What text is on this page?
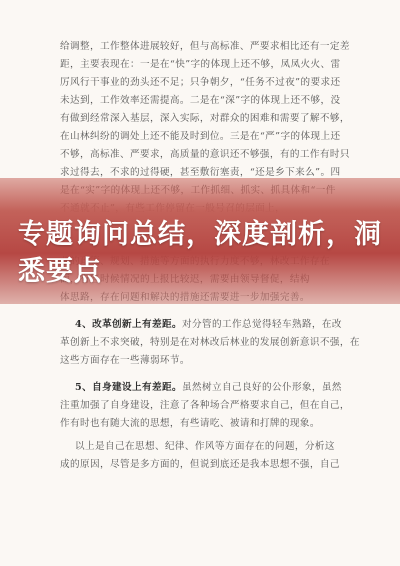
给调整，工作整体进展较好，但与高标准、严要求相比还有一定差
距，主要表现在：一是在“快”字的体现上还不够，凤凤火火、雷
厉风行干事业的劲头还不足；只争朝夕，“任务不过夜”的要求还
未达到，工作效率还需提高。二是在“深”字的体现上还不够，没
有做到经常深入基层，深入实际，对群众的困难和需要了解不够，
在山林纠纷的调处上还不能及时到位。三是在“严”字的体现上还
不够，高标准、严要求，高质量的意识还不够强，有的工作有时只
求过得去，不求的过得硬，甚至敷衍塞责，“还是乡下来么”。四
4、改革创新上有差距。对分管的工作总觉得轻车熟路，在改
革创新上不求突破，特别是在对林改后林业的发展创新意识不强，在
这些方面存在一些薄弱环节。
5、自身建设上有差距。虽然树立自己良好的公仆形象，虽然
注重加强了自身建设，注意了各种场合严格要求自己，但在自己，
作有时也有随大流的思想，有些请吃、被请和打牌的现象。
以上是自己在思想、纪律、作风等方面存在的问题，分析这
成的原因，尽管是多方面的，但说到底还是我本思想不强，自己
专题询问总结，深度剖析，洞悉要点
